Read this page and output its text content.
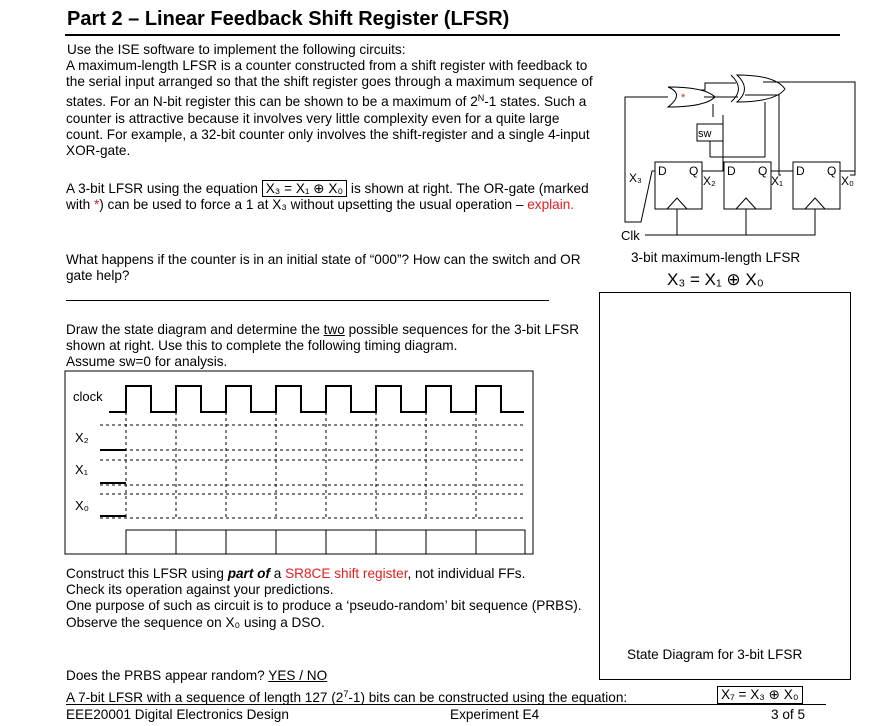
Part 2 – Linear Feedback Shift Register (LFSR)
Use the ISE software to implement the following circuits:
A maximum-length LFSR is a counter constructed from a shift register with feedback to the serial input arranged so that the shift register goes through a maximum sequence of states. For an N-bit register this can be shown to be a maximum of $2^N-1$ states. Such a counter is attractive because it involves very little complexity even for a quite large count. For example, a 32-bit counter only involves the shift-register and a single 4-input XOR-gate.
A 3-bit LFSR using the equation X₃ = X₁ ⊕ X₀ is shown at right. The OR-gate (marked with *) can be used to force a 1 at X₃ without upsetting the usual operation – explain.
What happens if the counter is in an initial state of “000”? How can the switch and OR gate help?
Draw the state diagram and determine the two possible sequences for the 3-bit LFSR shown at right. Use this to complete the following timing diagram.
Assume sw=0 for analysis.
clock
X₂
X₁
X₀
Construct this LFSR using part of a SR8CE shift register, not individual FFs.
Check its operation against your predictions.
One purpose of such as circuit is to produce a ‘pseudo-random’ bit sequence (PRBS).
Observe the sequence on X₀ using a DSO.
Does the PRBS appear random? YES / NO
A 7-bit LFSR with a sequence of length 127 $(2^7-1)$ bits can be constructed using the equation:	X₇ = X₃ ⊕ X₀
EEE20001 Digital Electronics Design	Experiment E4	3 of 5
sw
*
X₃	X₂	X₁	X₀
D Q D Q D Q
Clk
3-bit maximum-length LFSR
X₃ = X₁ ⊕ X₀
State Diagram for 3-bit LFSR
